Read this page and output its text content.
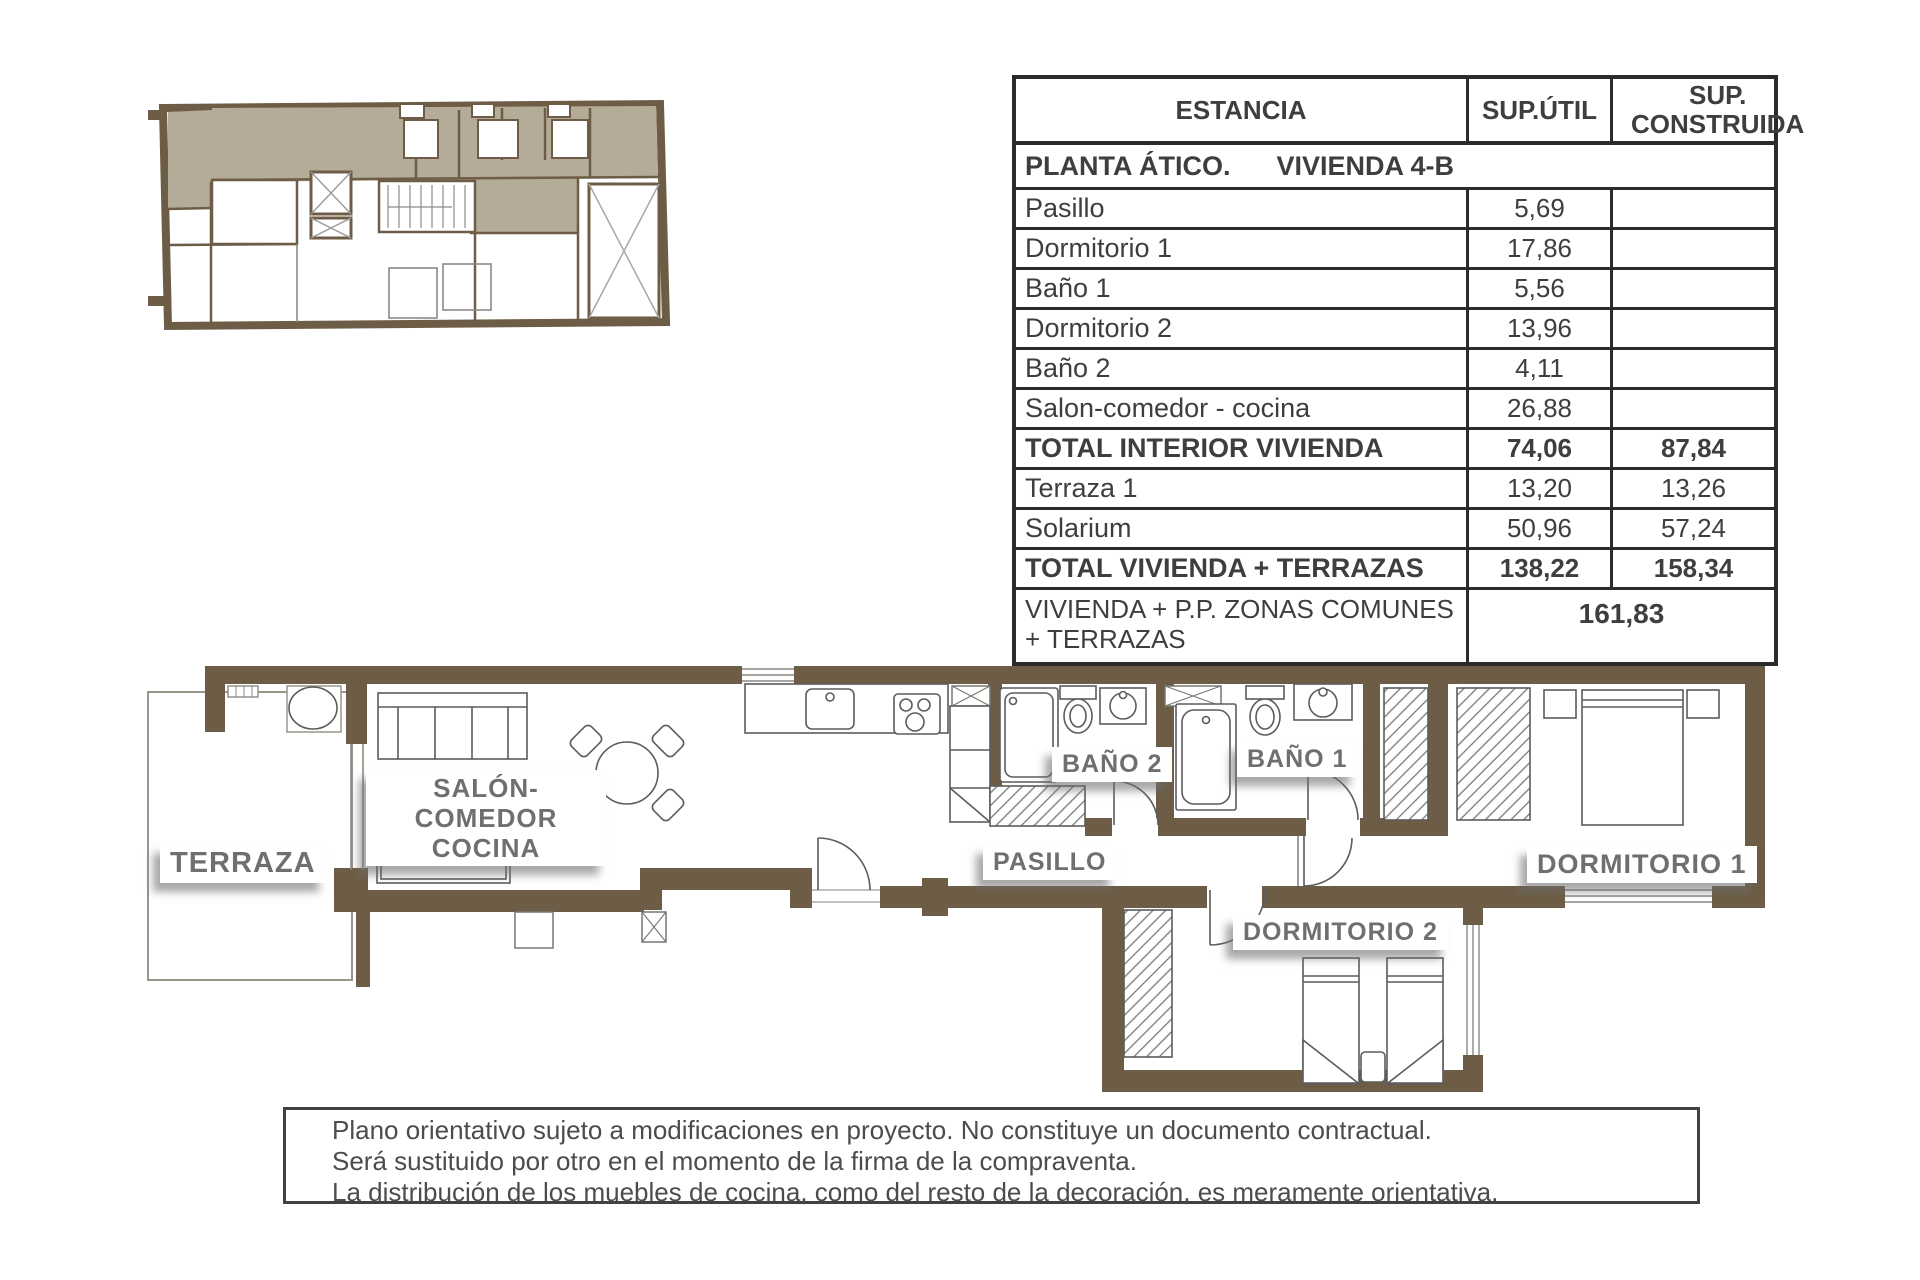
ESTANCIA	SUP.ÚTIL	SUP. CONSTRUIDA
PLANTA ÁTICO. VIVIENDA 4-B
Pasillo	5,69
Dormitorio 1	17,86
Baño 1	5,56
Dormitorio 2	13,96
Baño 2	4,11
Salon-comedor - cocina	26,88
TOTAL INTERIOR VIVIENDA	74,06	87,84
Terraza 1	13,20	13,26
Solarium	50,96	57,24
TOTAL VIVIENDA + TERRAZAS	138,22	158,34
VIVIENDA + P.P. ZONAS COMUNES + TERRAZAS
161,83
TERRAZA
SALÓN-COMEDOR
COCINA
BAÑO 2	BAÑO 1
PASILLO	DORMITORIO 1
DORMITORIO 2
Plano orientativo sujeto a modificaciones en proyecto. No constituye un documento contractual.
Será sustituido por otro en el momento de la firma de la compraventa.
La distribución de los muebles de cocina, como del resto de la decoración, es meramente orientativa.
